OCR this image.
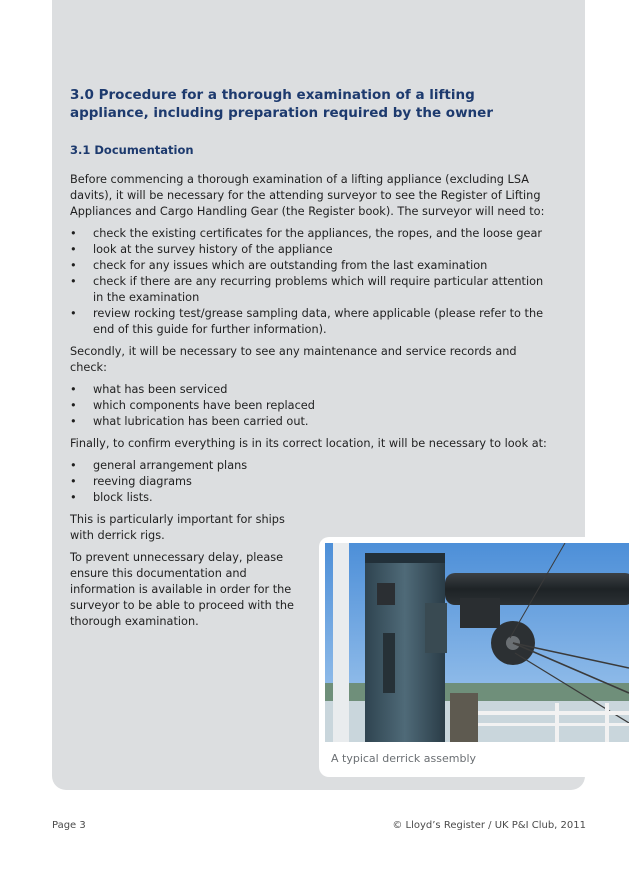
3.0 Procedure for a thorough examination of a lifting appliance, including preparation required by the owner
3.1 Documentation

Before commencing a thorough examination of a lifting appliance (excluding LSA davits), it will be necessary for the attending surveyor to see the Register of Lifting Appliances and Cargo Handling Gear (the Register book). The surveyor will need to:

• check the existing certificates for the appliances, the ropes, and the loose gear
• look at the survey history of the appliance
• check for any issues which are outstanding from the last examination
• check if there are any recurring problems which will require particular attention in the examination
• review rocking test/grease sampling data, where applicable (please refer to the end of this guide for further information).

Secondly, it will be necessary to see any maintenance and service records and check:

• what has been serviced
• which components have been replaced
• what lubrication has been carried out.

Finally, to confirm everything is in its correct location, it will be necessary to look at:

• general arrangement plans
• reeving diagrams
• block lists.

This is particularly important for ships with derrick rigs.

To prevent unnecessary delay, please ensure this documentation and information is available in order for the surveyor to be able to proceed with the thorough examination.

A typical derrick assembly
Page 3	© Lloyd’s Register / UK P&I Club, 2011
